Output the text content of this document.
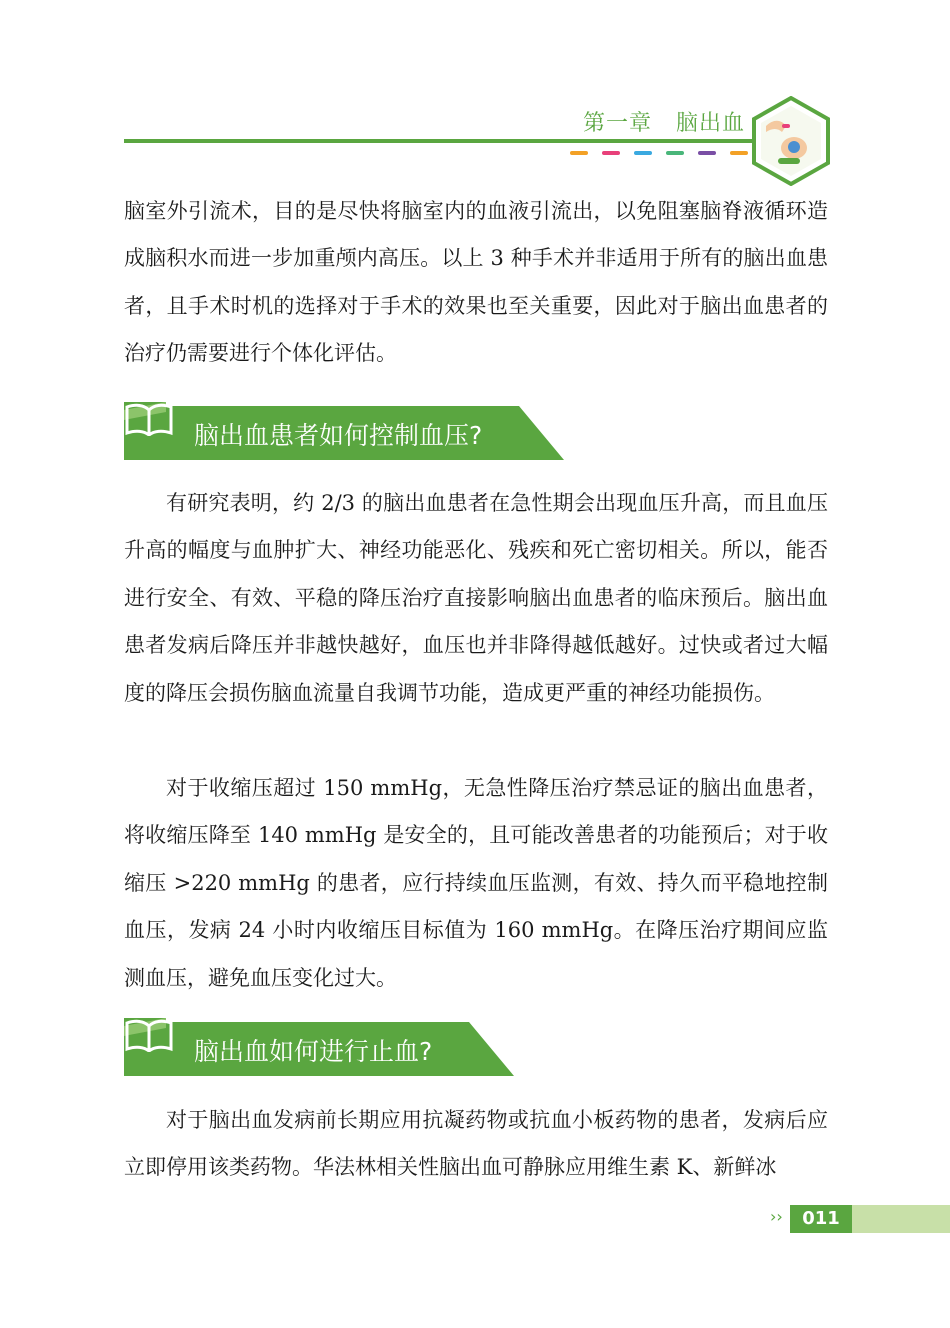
第一章 脑出血

脑室外引流术，目的是尽快将脑室内的血液引流出，以免阻塞脑脊液循环造成脑积水而进一步加重颅内高压。以上 3 种手术并非适用于所有的脑出血患者，且手术时机的选择对于手术的效果也至关重要，因此对于脑出血患者的治疗仍需要进行个体化评估。

脑出血患者如何控制血压?

有研究表明，约 2/3 的脑出血患者在急性期会出现血压升高，而且血压升高的幅度与血肿扩大、神经功能恶化、残疾和死亡密切相关。所以，能否进行安全、有效、平稳的降压治疗直接影响脑出血患者的临床预后。脑出血患者发病后降压并非越快越好，血压也并非降得越低越好。过快或者过大幅度的降压会损伤脑血流量自我调节功能，造成更严重的神经功能损伤。

对于收缩压超过 150 mmHg，无急性降压治疗禁忌证的脑出血患者，将收缩压降至 140 mmHg 是安全的，且可能改善患者的功能预后；对于收缩压 >220 mmHg 的患者，应行持续血压监测，有效、持久而平稳地控制血压，发病 24 小时内收缩压目标值为 160 mmHg。在降压治疗期间应监测血压，避免血压变化过大。

脑出血如何进行止血?

对于脑出血发病前长期应用抗凝药物或抗血小板药物的患者，发病后应立即停用该类药物。华法林相关性脑出血可静脉应用维生素 K、新鲜冰

››	011
